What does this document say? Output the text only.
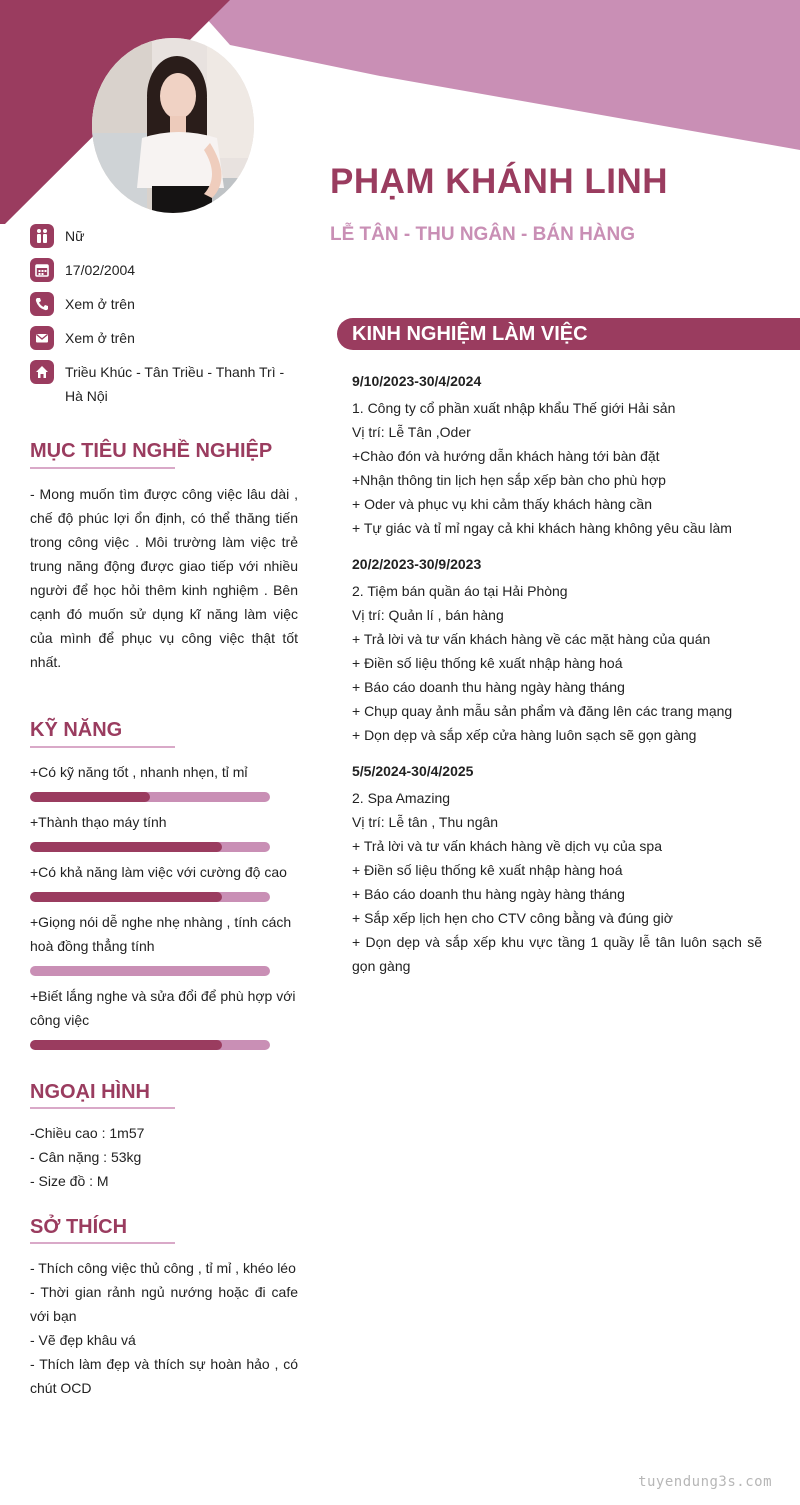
PHẠM KHÁNH LINH
LỄ TÂN - THU NGÂN - BÁN HÀNG
Nữ
17/02/2004
Xem ở trên
Xem ở trên
Triều Khúc - Tân Triều - Thanh Trì - Hà Nội
MỤC TIÊU NGHỀ NGHIỆP
- Mong muốn tìm được công việc lâu dài , chế độ phúc lợi ổn định, có thể thăng tiến trong công việc . Môi trường làm việc trẻ trung năng động được giao tiếp với nhiều người để học hỏi thêm kinh nghiệm . Bên cạnh đó muốn sử dụng kĩ năng làm việc của mình để phục vụ công việc thật tốt nhất.
KỸ NĂNG
+Có kỹ năng tốt , nhanh nhẹn, tỉ mỉ
+Thành thạo máy tính
+Có khả năng làm việc với cường độ cao
+Giọng nói dễ nghe nhẹ nhàng , tính cách hoà đồng thẳng tính
+Biết lắng nghe và sửa đổi để phù hợp với công việc
NGOẠI HÌNH
-Chiều cao : 1m57
- Cân nặng : 53kg
- Size đồ : M
SỞ THÍCH
- Thích công việc thủ công , tỉ mỉ , khéo léo
- Thời gian rảnh ngủ nướng hoặc đi cafe với bạn
- Vẽ đẹp khâu vá
- Thích làm đẹp và thích sự hoàn hảo , có chút OCD
KINH NGHIỆM LÀM VIỆC
9/10/2023-30/4/2024
1. Công ty cổ phần xuất nhập khẩu Thế giới Hải sản
Vị trí: Lễ Tân ,Oder
+Chào đón và hướng dẫn khách hàng tới bàn đặt
+Nhận thông tin lịch hẹn sắp xếp bàn cho phù hợp
+ Oder và phục vụ khi cảm thấy khách hàng cần
+ Tự giác và tỉ mỉ ngay cả khi khách hàng không yêu cầu làm
20/2/2023-30/9/2023
2. Tiệm bán quần áo tại Hải Phòng
Vị trí: Quản lí , bán hàng
+ Trả lời và tư vấn khách hàng về các mặt hàng của quán
+ Điền số liệu thống kê xuất nhập hàng hoá
+ Báo cáo doanh thu hàng ngày hàng tháng
+ Chụp quay ảnh mẫu sản phẩm và đăng lên các trang mạng
+ Dọn dẹp và sắp xếp cửa hàng luôn sạch sẽ gọn gàng
5/5/2024-30/4/2025
2. Spa Amazing
Vị trí: Lễ tân , Thu ngân
+ Trả lời và tư vấn khách hàng về dịch vụ của spa
+ Điền số liệu thống kê xuất nhập hàng hoá
+ Báo cáo doanh thu hàng ngày hàng tháng
+ Sắp xếp lịch hẹn cho CTV công bằng và đúng giờ
+ Dọn dẹp và sắp xếp khu vực tầng 1 quầy lễ tân luôn sạch sẽ gọn gàng
tuyendung3s.com
